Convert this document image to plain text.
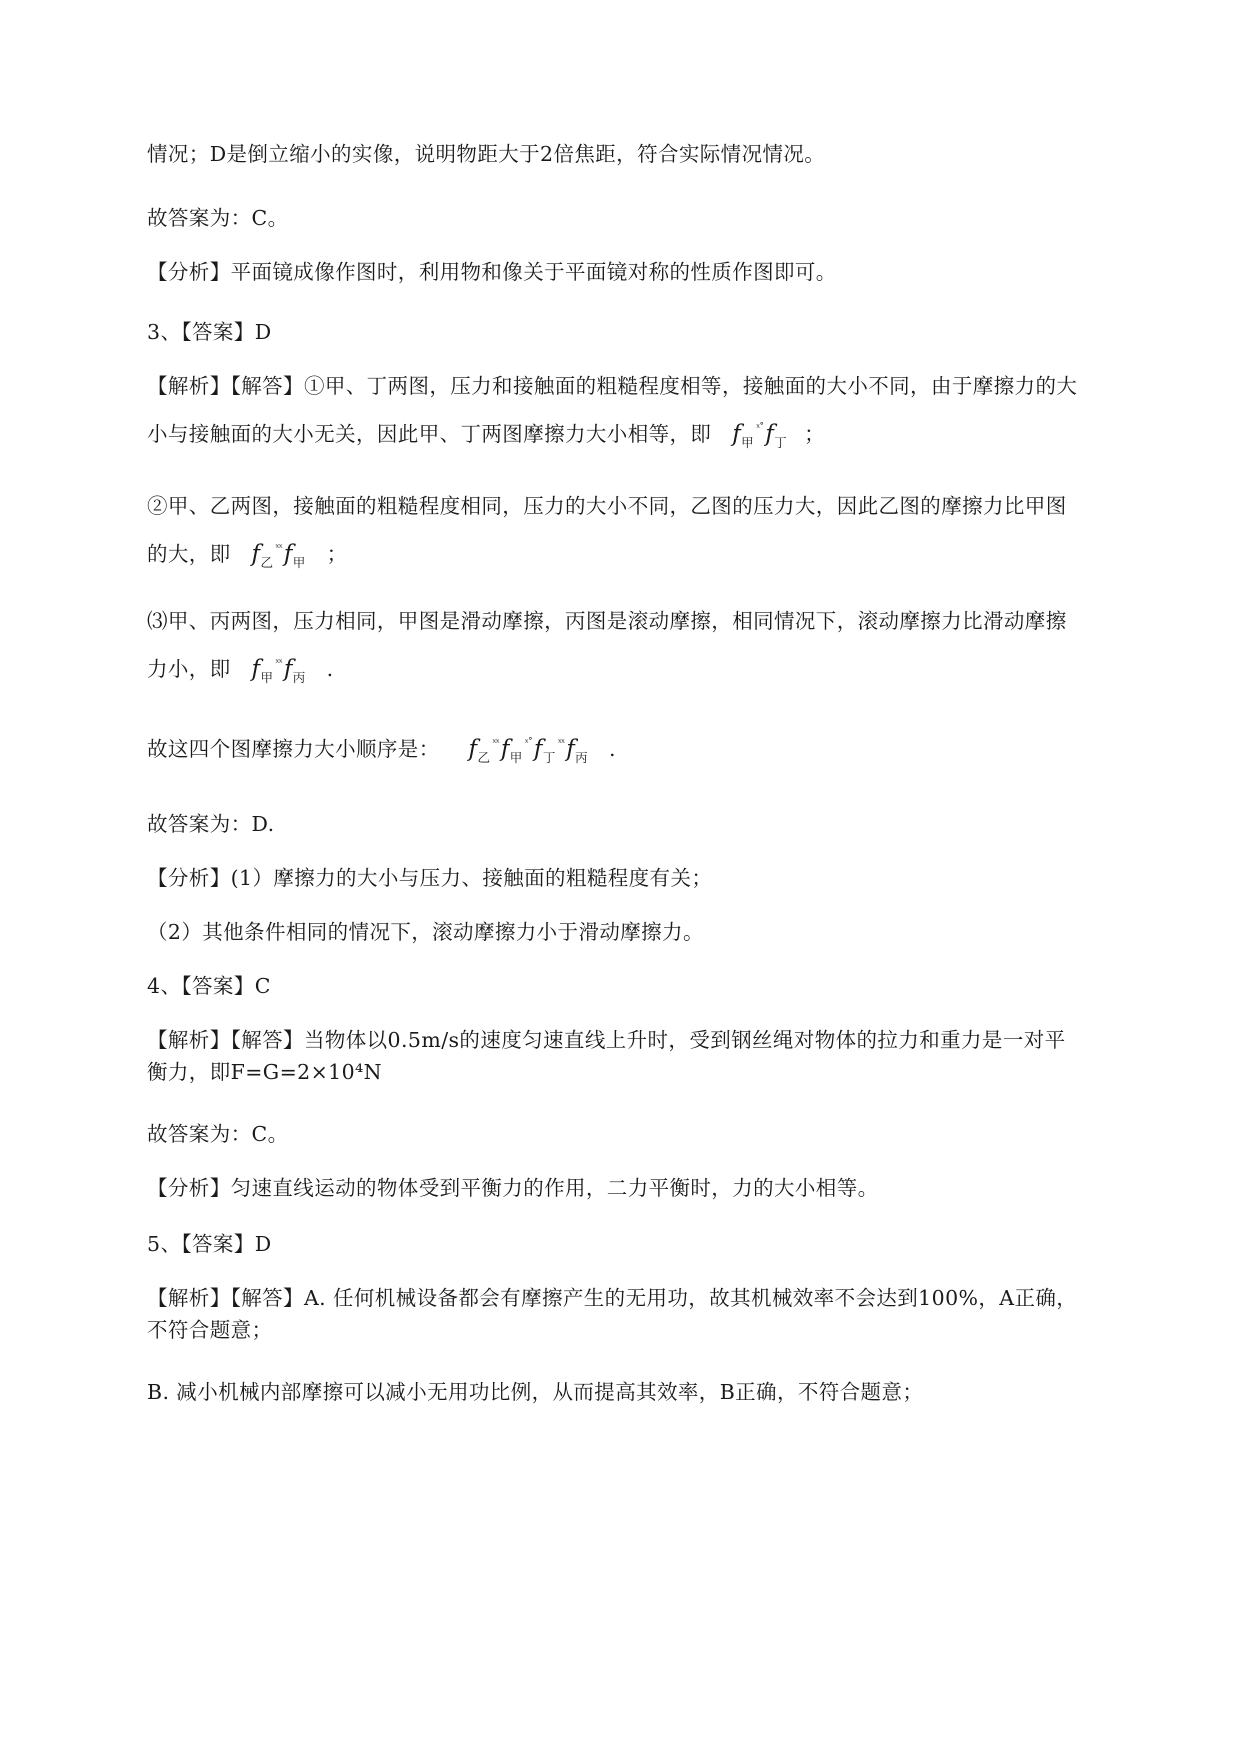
情况；D是倒立缩小的实像，说明物距大于2倍焦距，符合实际情况情况。
故答案为：C。
【分析】平面镜成像作图时，利用物和像关于平面镜对称的性质作图即可。
3、【答案】D
【解析】【解答】①甲、丁两图，压力和接触面的粗糙程度相等，接触面的大小不同，由于摩擦力的大
小与接触面的大小无关，因此甲、丁两图摩擦力大小相等，即 $f_甲^{ˣ˚}f_丁$ ；
②甲、乙两图，接触面的粗糙程度相同，压力的大小不同，乙图的压力大，因此乙图的摩擦力比甲图
的大，即 $f_乙^{ˣˣ}f_甲$ ；
⑶甲、丙两图，压力相同，甲图是滑动摩擦，丙图是滚动摩擦，相同情况下，滚动摩擦力比滑动摩擦
力小，即 $f_甲^{ˣˣ}f_丙$ .
故这四个图摩擦力大小顺序是： $f_乙^{ˣˣ}f_甲^{ˣ˚}f_丁^{ˣˣ}f_丙$ .
故答案为：D.
【分析】(1）摩擦力的大小与压力、接触面的粗糙程度有关；
（2）其他条件相同的情况下，滚动摩擦力小于滑动摩擦力。
4、【答案】C
【解析】【解答】当物体以0.5m/s的速度匀速直线上升时，受到钢丝绳对物体的拉力和重力是一对平
衡力，即F=G=2×10⁴N
故答案为：C。
【分析】匀速直线运动的物体受到平衡力的作用，二力平衡时，力的大小相等。
5、【答案】D
【解析】【解答】A. 任何机械设备都会有摩擦产生的无用功，故其机械效率不会达到100%，A正确，
不符合题意；
B. 减小机械内部摩擦可以减小无用功比例，从而提高其效率，B正确，不符合题意；
